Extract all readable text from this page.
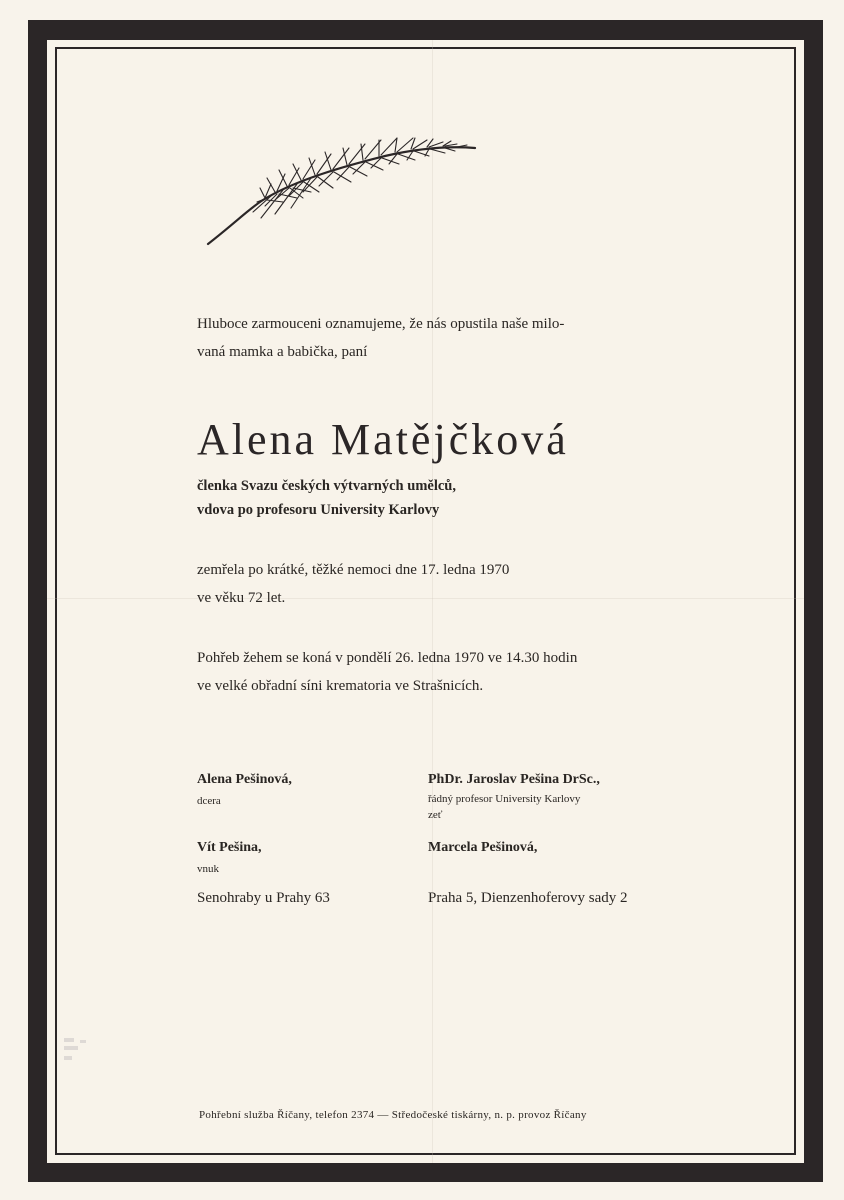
Hluboce zarmouceni oznamujeme, že nás opustila naše milo-
vaná mamka a babička, paní
Alena Matějčková
členka Svazu českých výtvarných umělců,
vdova po profesoru University Karlovy
zemřela po krátké, těžké nemoci dne 17. ledna 1970
ve věku 72 let.
Pohřeb žehem se koná v pondělí 26. ledna 1970 ve 14.30 hodin
ve velké obřadní síni krematoria ve Strašnicích.
Alena Pešinová,
dcera
Vít Pešina,
vnuk
Senohraby u Prahy 63
PhDr. Jaroslav Pešina DrSc.,
řádný profesor University Karlovy
zeť
Marcela Pešinová,
Praha 5, Dienzenhoferovy sady 2
Pohřební služba Říčany, telefon 2374 — Středočeské tiskárny, n. p. provoz Říčany
